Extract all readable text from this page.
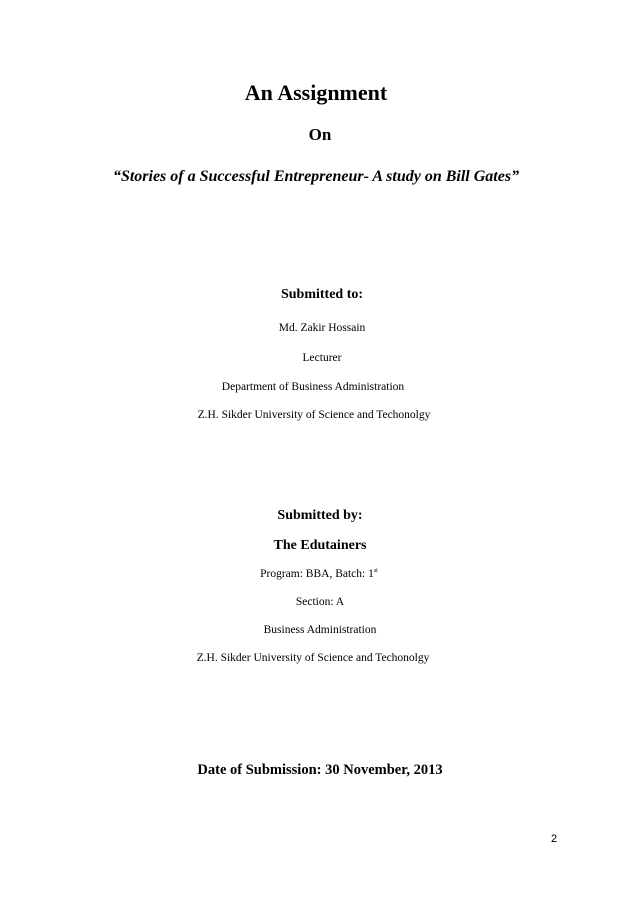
An Assignment
On
“Stories of a Successful Entrepreneur- A study on Bill Gates”
Submitted to:
Md. Zakir Hossain
Lecturer
Department of Business Administration
Z.H. Sikder University of Science and Techonolgy
Submitted by:
The Edutainers
Program: BBA, Batch: 1st
Section: A
Business Administration
Z.H. Sikder University of Science and Techonolgy
Date of Submission: 30 November, 2013
2
